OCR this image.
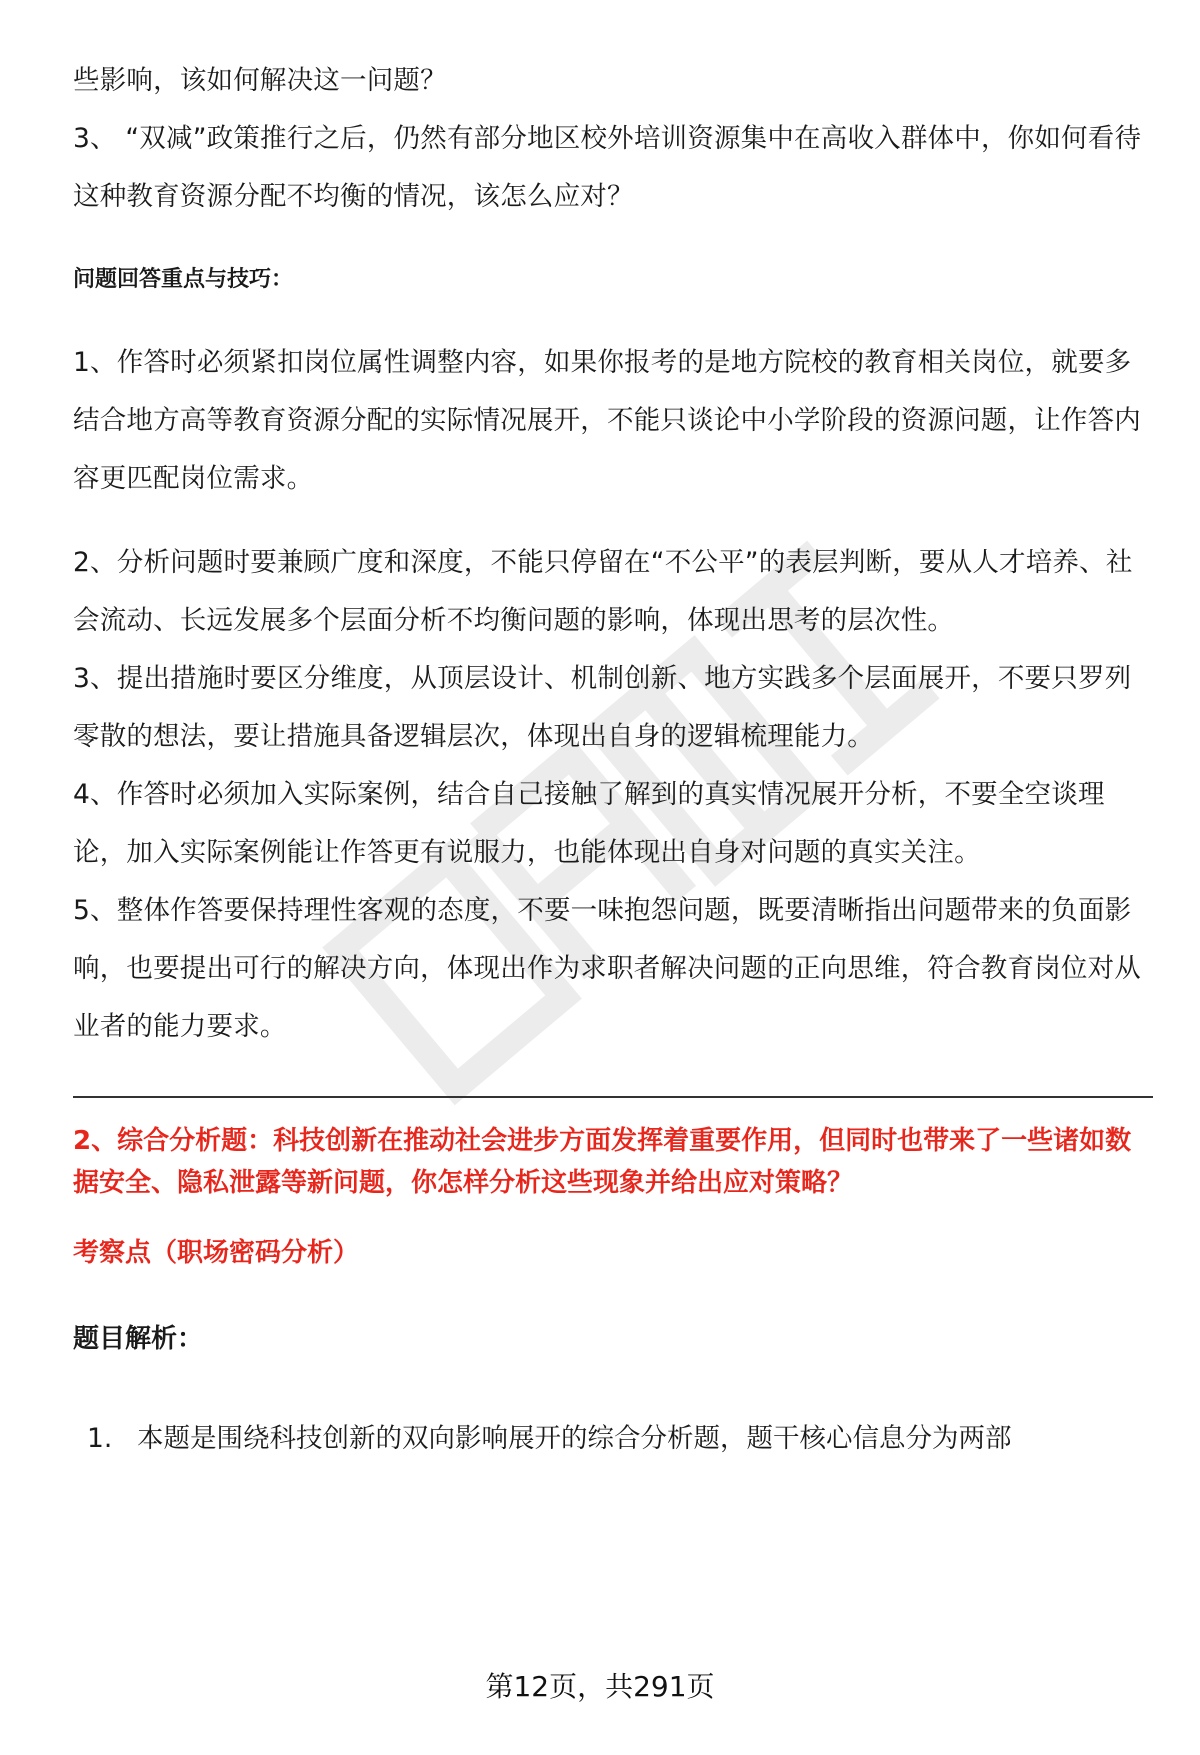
些影响，该如何解决这一问题？

3、 “双减”政策推行之后，仍然有部分地区校外培训资源集中在高收入群体中，你如何看待这种教育资源分配不均衡的情况，该怎么应对？

问题回答重点与技巧：

1、作答时必须紧扣岗位属性调整内容，如果你报考的是地方院校的教育相关岗位，就要多结合地方高等教育资源分配的实际情况展开，不能只谈论中小学阶段的资源问题，让作答内容更匹配岗位需求。

2、分析问题时要兼顾广度和深度，不能只停留在“不公平”的表层判断，要从人才培养、社会流动、长远发展多个层面分析不均衡问题的影响，体现出思考的层次性。

3、提出措施时要区分维度，从顶层设计、机制创新、地方实践多个层面展开，不要只罗列零散的想法，要让措施具备逻辑层次，体现出自身的逻辑梳理能力。

4、作答时必须加入实际案例，结合自己接触了解到的真实情况展开分析，不要全空谈理论，加入实际案例能让作答更有说服力，也能体现出自身对问题的真实关注。

5、整体作答要保持理性客观的态度，不要一味抱怨问题，既要清晰指出问题带来的负面影响，也要提出可行的解决方向，体现出作为求职者解决问题的正向思维，符合教育岗位对从业者的能力要求。

2、综合分析题：科技创新在推动社会进步方面发挥着重要作用，但同时也带来了一些诸如数据安全、隐私泄露等新问题，你怎样分析这些现象并给出应对策略？

考察点（职场密码分析）

题目解析：

1. 本题是围绕科技创新的双向影响展开的综合分析题，题干核心信息分为两部
第12页，共291页
